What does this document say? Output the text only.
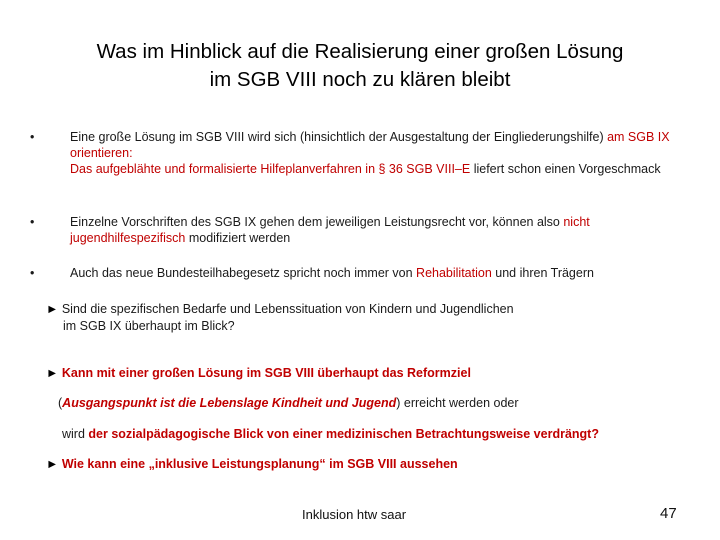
Was im Hinblick auf die Realisierung einer großen Lösung
im SGB VIII noch zu klären bleibt
•	Eine große Lösung im SGB VIII wird sich (hinsichtlich der Ausgestaltung der Eingliederungshilfe) am SGB IX orientieren:
Das aufgeblähte und formalisierte Hilfeplanverfahren in § 36 SGB VIII–E liefert schon einen Vorgeschmack
•	Einzelne Vorschriften des SGB IX gehen dem jeweiligen Leistungsrecht vor, können also nicht jugendhilfespezifisch modifiziert werden
•	Auch das neue Bundesteilhabegesetz spricht noch immer von Rehabilitation und ihren Trägern
► Sind die spezifischen Bedarfe und Lebenssituation von Kindern und Jugendlichen
im SGB IX überhaupt im Blick?
► Kann mit einer großen Lösung im SGB VIII überhaupt das Reformziel
(Ausgangspunkt ist die Lebenslage Kindheit und Jugend) erreicht werden oder
wird der sozialpädagogische Blick von einer medizinischen Betrachtungsweise verdrängt?
► Wie kann eine „inklusive Leistungsplanung“ im SGB VIII aussehen
Inklusion htw saar	47
